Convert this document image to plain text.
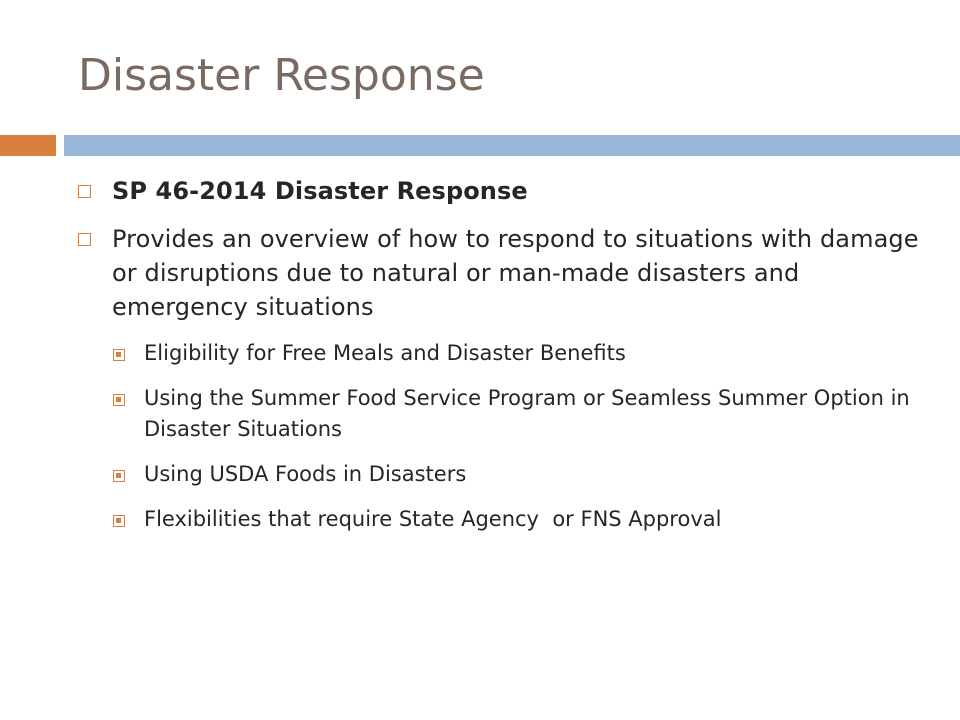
Disaster Response
SP 46-2014 Disaster Response
Provides an overview of how to respond to situations with damage or disruptions due to natural or man-made disasters and emergency situations
Eligibility for Free Meals and Disaster Benefits
Using the Summer Food Service Program or Seamless Summer Option in Disaster Situations
Using USDA Foods in Disasters
Flexibilities that require State Agency  or FNS Approval
